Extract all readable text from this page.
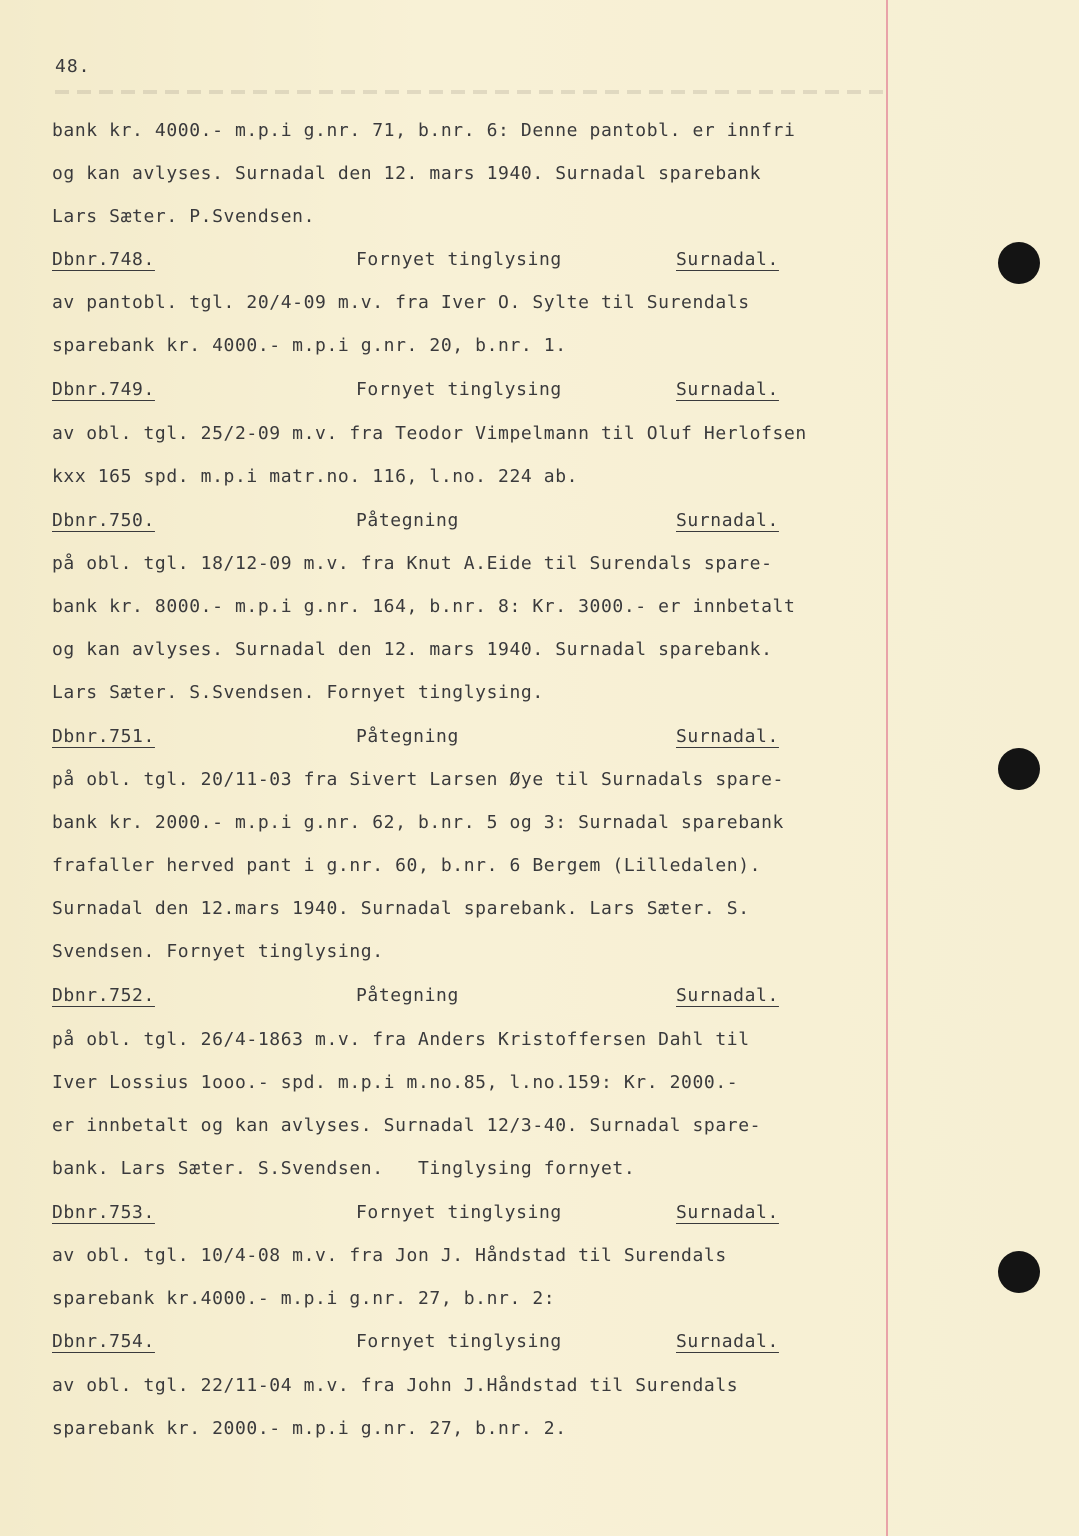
48.
bank kr. 4000.- m.p.i g.nr. 71, b.nr. 6: Denne pantobl. er innfri
og kan avlyses. Surnadal den 12. mars 1940. Surnadal sparebank
Lars Sæter. P.Svendsen.
Dbnr.748.	Fornyet tinglysing	Surnadal.
av pantobl. tgl. 20/4-09 m.v. fra Iver O. Sylte til Surendals
sparebank kr. 4000.- m.p.i g.nr. 20, b.nr. 1.
Dbnr.749.	Fornyet tinglysing	Surnadal.
av obl. tgl. 25/2-09 m.v. fra Teodor Vimpelmann til Oluf Herlofsen
kxx 165 spd. m.p.i matr.no. 116, l.no. 224 ab.
Dbnr.750.	Påtegning	Surnadal.
på obl. tgl. 18/12-09 m.v. fra Knut A.Eide til Surendals spare-
bank kr. 8000.- m.p.i g.nr. 164, b.nr. 8: Kr. 3000.- er innbetalt
og kan avlyses. Surnadal den 12. mars 1940. Surnadal sparebank.
Lars Sæter. S.Svendsen. Fornyet tinglysing.
Dbnr.751.	Påtegning	Surnadal.
på obl. tgl. 20/11-03 fra Sivert Larsen Øye til Surnadals spare-
bank kr. 2000.- m.p.i g.nr. 62, b.nr. 5 og 3: Surnadal sparebank
frafaller herved pant i g.nr. 60, b.nr. 6 Bergem (Lilledalen).
Surnadal den 12.mars 1940. Surnadal sparebank. Lars Sæter. S.
Svendsen. Fornyet tinglysing.
Dbnr.752.	Påtegning	Surnadal.
på obl. tgl. 26/4-1863 m.v. fra Anders Kristoffersen Dahl til
Iver Lossius 1ooo.- spd. m.p.i m.no.85, l.no.159: Kr. 2000.-
er innbetalt og kan avlyses. Surnadal 12/3-40. Surnadal spare-
bank. Lars Sæter. S.Svendsen.   Tinglysing fornyet.
Dbnr.753.	Fornyet tinglysing	Surnadal.
av obl. tgl. 10/4-08 m.v. fra Jon J. Håndstad til Surendals
sparebank kr.4000.- m.p.i g.nr. 27, b.nr. 2:
Dbnr.754.	Fornyet tinglysing	Surnadal.
av obl. tgl. 22/11-04 m.v. fra John J.Håndstad til Surendals
sparebank kr. 2000.- m.p.i g.nr. 27, b.nr. 2.
